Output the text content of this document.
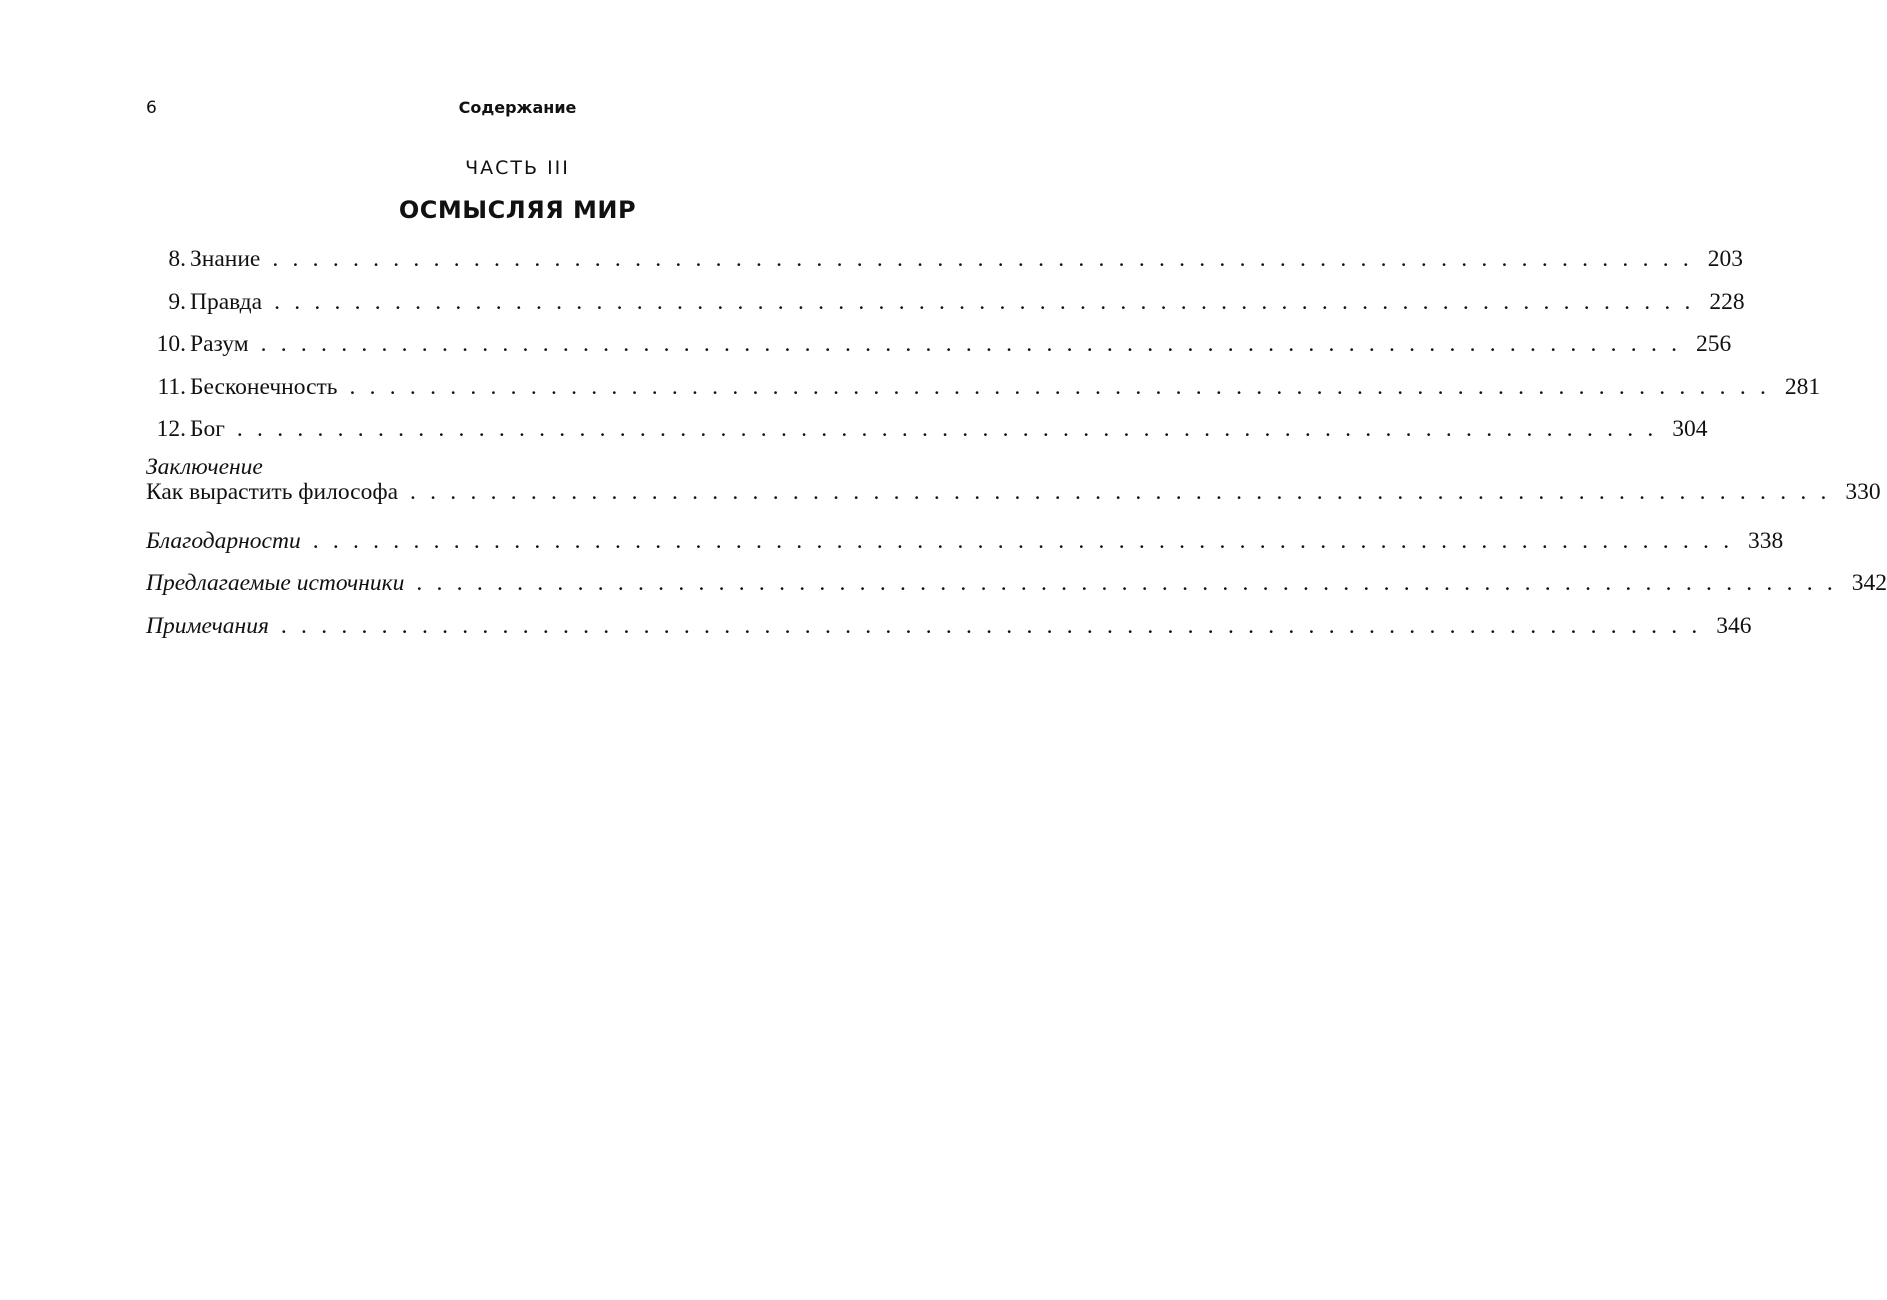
6	Содержание
ЧАСТЬ III
ОСМЫСЛЯЯ МИР
8. Знание . . . . . . . . . . . . . . . . . . . . . . . . . . . . . . . . . . . . . . . . . . . . . . . . . . . . . . . . . . . . . . . . . . . . . . . 203
9. Правда . . . . . . . . . . . . . . . . . . . . . . . . . . . . . . . . . . . . . . . . . . . . . . . . . . . . . . . . . . . . . . . . . . . . . . . 228
10. Разум . . . . . . . . . . . . . . . . . . . . . . . . . . . . . . . . . . . . . . . . . . . . . . . . . . . . . . . . . . . . . . . . . . . . . . . 256
11. Бесконечность . . . . . . . . . . . . . . . . . . . . . . . . . . . . . . . . . . . . . . . . . . . . . . . . . . . . . . . . . . . . . . . . . . . . . . . 281
12. Бог . . . . . . . . . . . . . . . . . . . . . . . . . . . . . . . . . . . . . . . . . . . . . . . . . . . . . . . . . . . . . . . . . . . . . . . 304
Заключение
Как вырастить философа . . . . . . . . . . . . . . . . . . . . . . . . . . . . . . . . . . . . . . . . . . . . . . . . . . . . . . . . . . . . . . . . . . . . . . . 330
Благодарности . . . . . . . . . . . . . . . . . . . . . . . . . . . . . . . . . . . . . . . . . . . . . . . . . . . . . . . . . . . . . . . . . . . . . . . 338
Предлагаемые источники . . . . . . . . . . . . . . . . . . . . . . . . . . . . . . . . . . . . . . . . . . . . . . . . . . . . . . . . . . . . . . . . . . . . . . . 342
Примечания . . . . . . . . . . . . . . . . . . . . . . . . . . . . . . . . . . . . . . . . . . . . . . . . . . . . . . . . . . . . . . . . . . . . . . . 346
